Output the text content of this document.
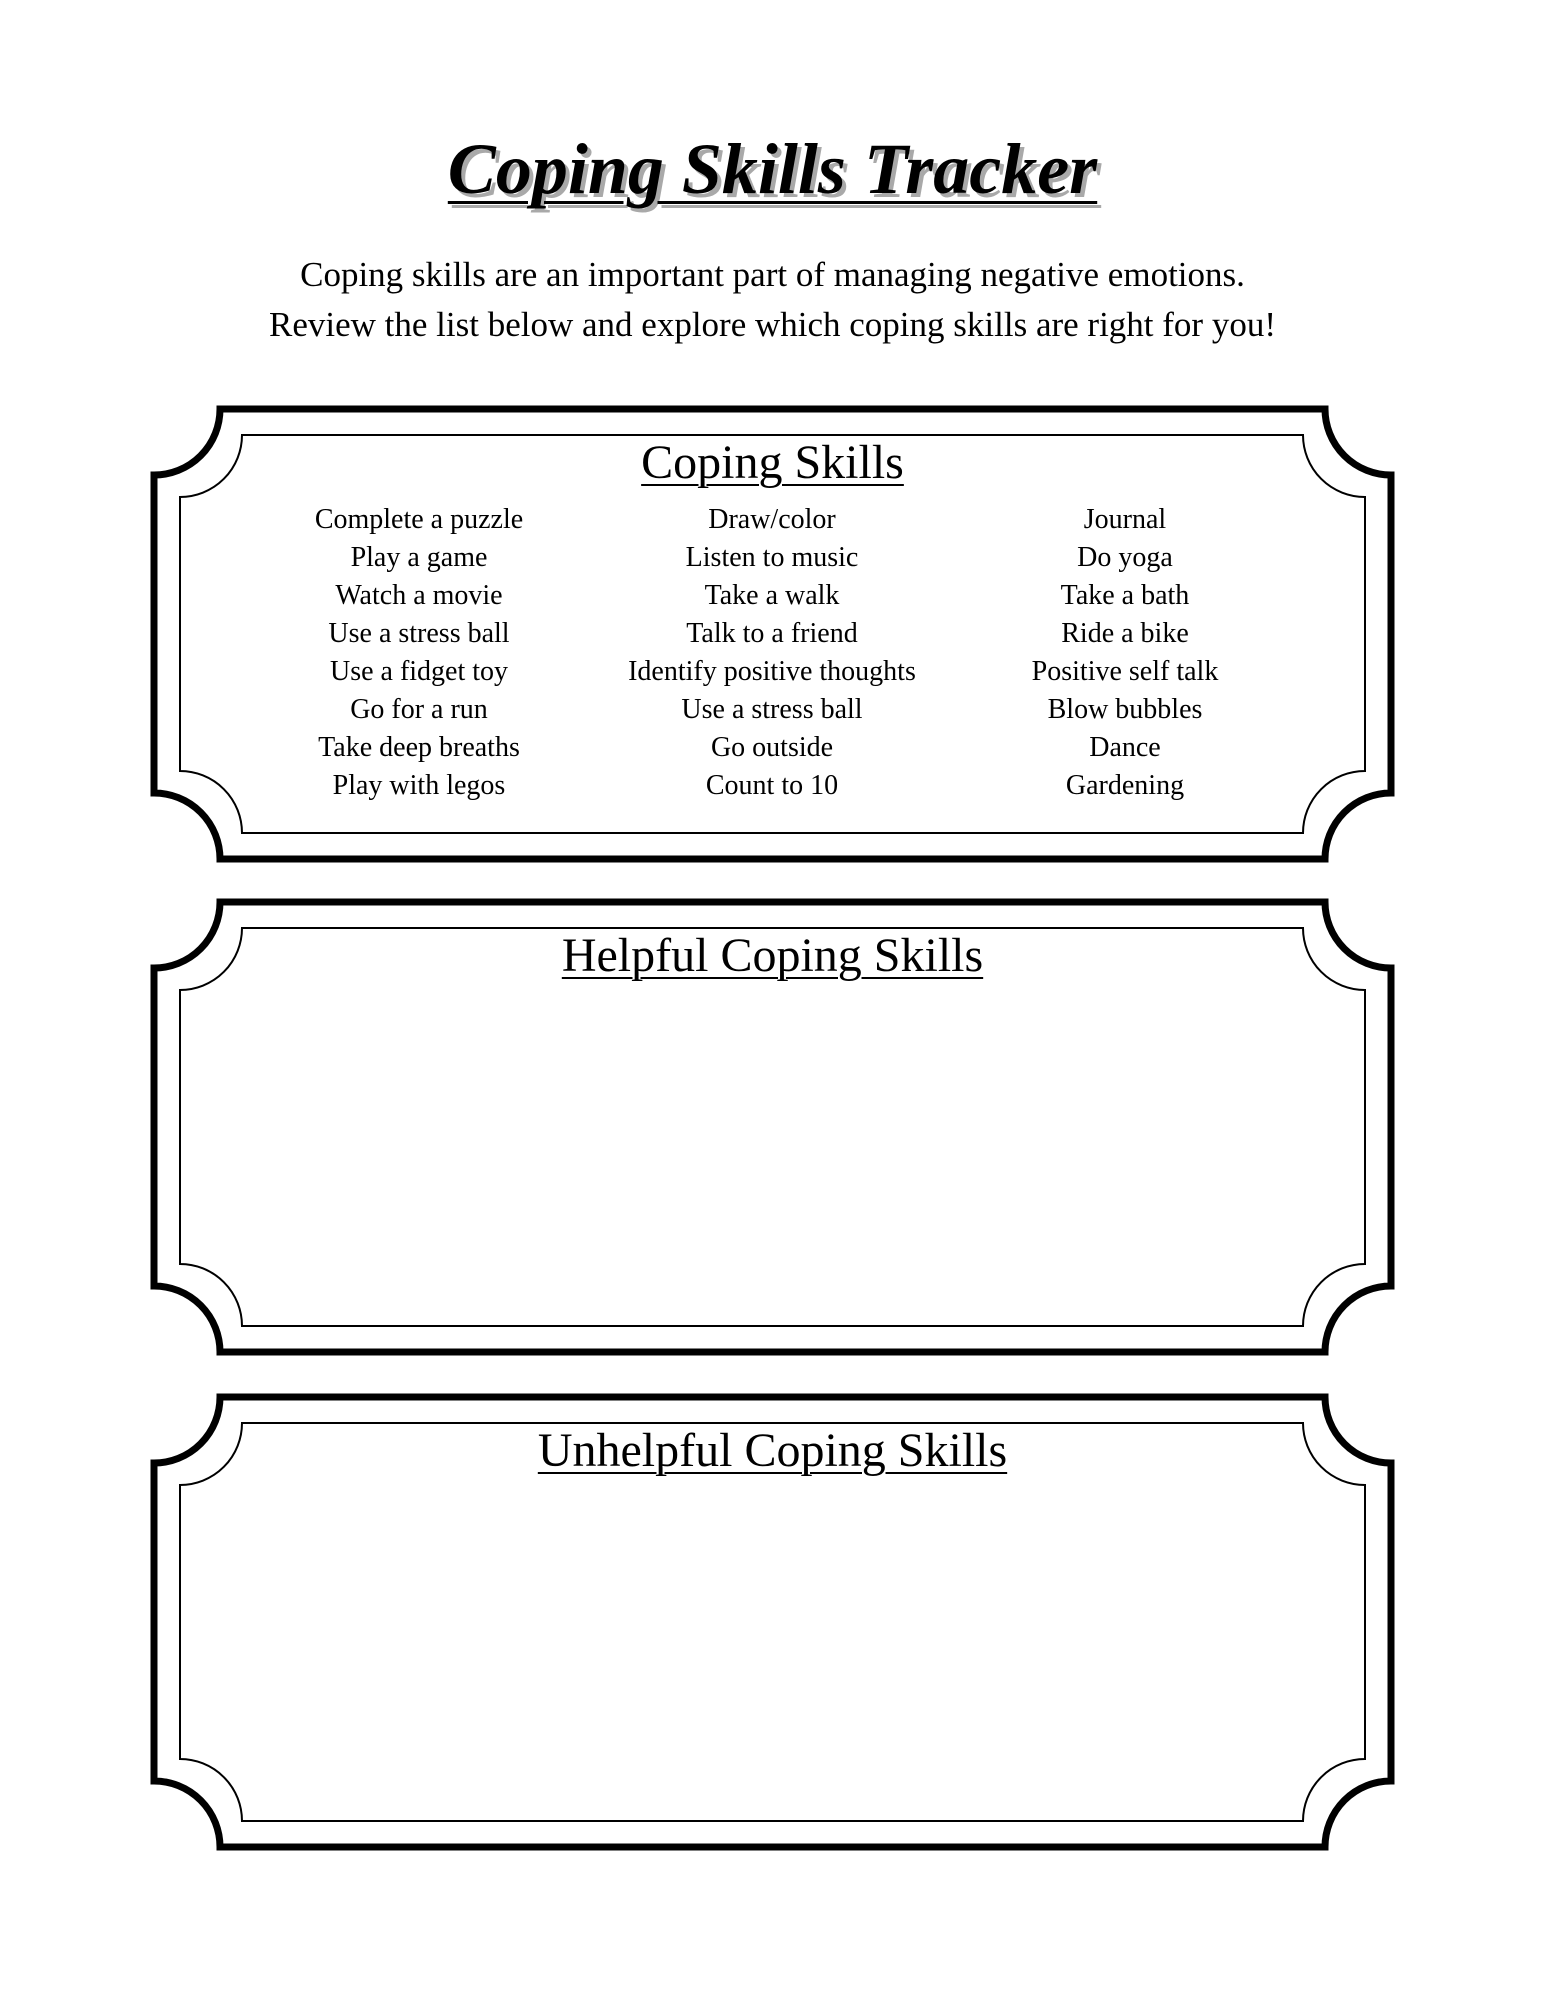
Coping Skills Tracker

Coping skills are an important part of managing negative emotions.

Review the list below and explore which coping skills are right for you!

Coping Skills
Complete a puzzle
Play a game
Watch a movie
Use a stress ball
Use a fidget toy
Go for a run
Take deep breaths
Play with legos
Draw/color
Listen to music
Take a walk
Talk to a friend
Identify positive thoughts
Use a stress ball
Go outside
Count to 10
Journal
Do yoga
Take a bath
Ride a bike
Positive self talk
Blow bubbles
Dance
Gardening
Helpful Coping Skills
Unhelpful Coping Skills
